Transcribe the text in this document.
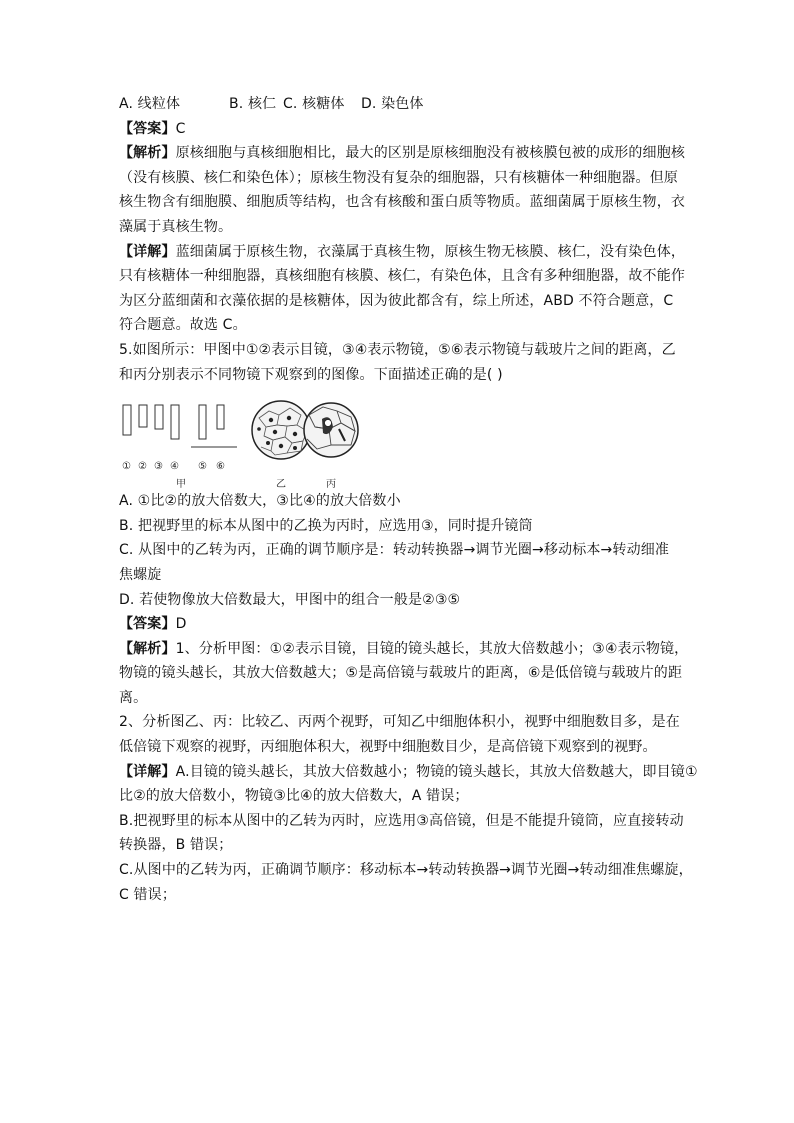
A. 线粒体	B. 核仁 C. 核糖体 D. 染色体
【答案】C
【解析】原核细胞与真核细胞相比，最大的区别是原核细胞没有被核膜包被的成形的细胞核
（没有核膜、核仁和染色体）；原核生物没有复杂的细胞器，只有核糖体一种细胞器。但原
核生物含有细胞膜、细胞质等结构，也含有核酸和蛋白质等物质。蓝细菌属于原核生物，衣
藻属于真核生物。
【详解】蓝细菌属于原核生物，衣藻属于真核生物，原核生物无核膜、核仁，没有染色体，
只有核糖体一种细胞器，真核细胞有核膜、核仁，有染色体，且含有多种细胞器，故不能作
为区分蓝细菌和衣藻依据的是核糖体，因为彼此都含有，综上所述，ABD 不符合题意，C
符合题意。故选 C。
5.如图所示：甲图中①②表示目镜，③④表示物镜，⑤⑥表示物镜与载玻片之间的距离，乙
和丙分别表示不同物镜下观察到的图像。下面描述正确的是( )
① ② ③ ④ ⑤ ⑥
甲	乙	丙
A. ①比②的放大倍数大，③比④的放大倍数小
B. 把视野里的标本从图中的乙换为丙时，应选用③，同时提升镜筒
C. 从图中的乙转为丙，正确的调节顺序是：转动转换器→调节光圈→移动标本→转动细准
焦螺旋
D. 若使物像放大倍数最大，甲图中的组合一般是②③⑤
【答案】D
【解析】1、分析甲图：①②表示目镜，目镜的镜头越长，其放大倍数越小；③④表示物镜，
物镜的镜头越长，其放大倍数越大；⑤是高倍镜与载玻片的距离，⑥是低倍镜与载玻片的距
离。
2、分析图乙、丙：比较乙、丙两个视野，可知乙中细胞体积小，视野中细胞数目多，是在
低倍镜下观察的视野，丙细胞体积大，视野中细胞数目少，是高倍镜下观察到的视野。
【详解】A.目镜的镜头越长，其放大倍数越小；物镜的镜头越长，其放大倍数越大，即目镜①
比②的放大倍数小，物镜③比④的放大倍数大，A 错误；
B.把视野里的标本从图中的乙转为丙时，应选用③高倍镜，但是不能提升镜筒，应直接转动
转换器，B 错误；
C.从图中的乙转为丙，正确调节顺序：移动标本→转动转换器→调节光圈→转动细准焦螺旋，
C 错误；
